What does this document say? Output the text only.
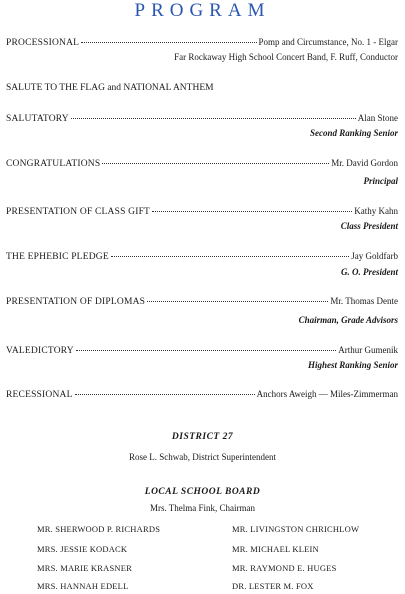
PROGRAM
PROCESSIONAL	Pomp and Circumstance, No. 1 - Elgar
Far Rockaway High School Concert Band, F. Ruff, Conductor
SALUTE TO THE FLAG and NATIONAL ANTHEM
SALUTATORY	Alan Stone
Second Ranking Senior
CONGRATULATIONS	Mr. David Gordon
Principal
PRESENTATION OF CLASS GIFT	Kathy Kahn
Class President
THE EPHEBIC PLEDGE	Jay Goldfarb
G. O. President
PRESENTATION OF DIPLOMAS	Mr. Thomas Dente
Chairman, Grade Advisors
VALEDICTORY	Arthur Gumenik
Highest Ranking Senior
RECESSIONAL	Anchors Aweigh — Miles-Zimmerman
DISTRICT 27
Rose L. Schwab, District Superintendent
LOCAL SCHOOL BOARD
Mrs. Thelma Fink, Chairman
MR. SHERWOOD P. RICHARDS	MR. LIVINGSTON CHRICHLOW
MRS. JESSIE KODACK	MR. MICHAEL KLEIN
MRS. MARIE KRASNER	MR. RAYMOND E. HUGES
MRS. HANNAH EDELL	DR. LESTER M. FOX
